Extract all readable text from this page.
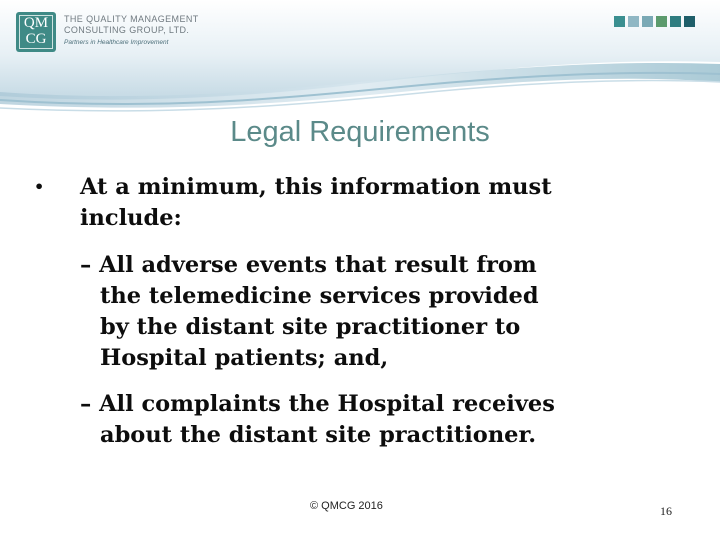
QM
CG
THE QUALITY MANAGEMENT
CONSULTING GROUP, LTD.
Partners in Healthcare Improvement
Legal Requirements
• At a minimum, this information must
include:
– All adverse events that result from
the telemedicine services provided
by the distant site practitioner to
Hospital patients; and,
– All complaints the Hospital receives
about the distant site practitioner.
© QMCG 2016	16
